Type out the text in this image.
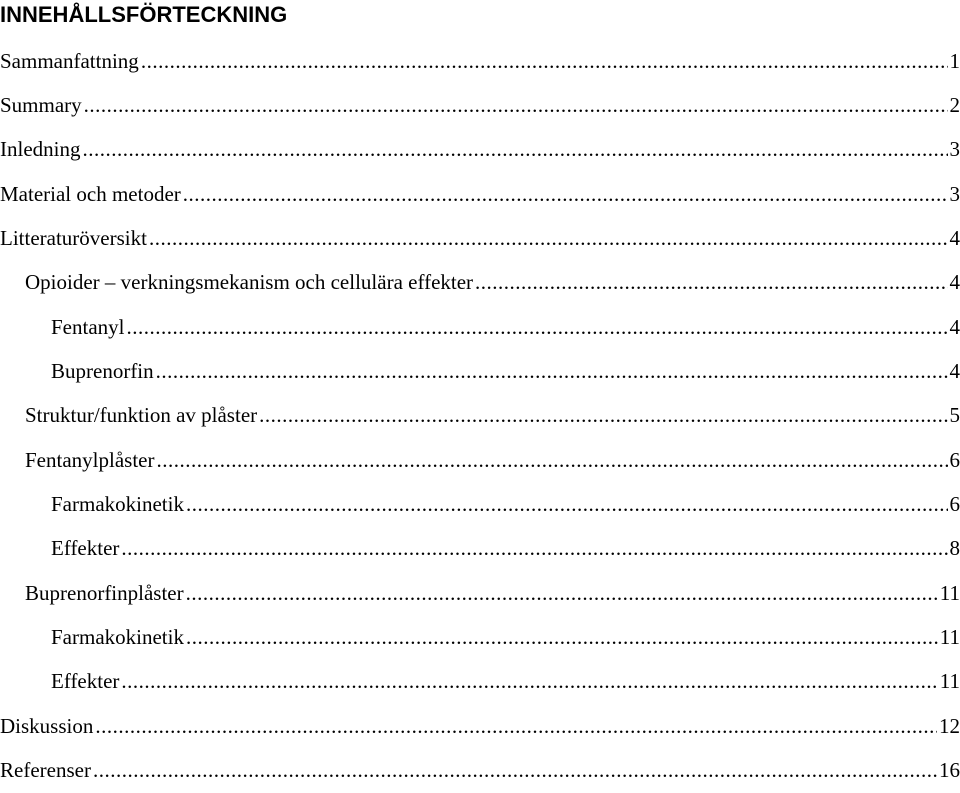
INNEHÅLLSFÖRTECKNING
Sammanfattning .....	1
Summary .....	2
Inledning .....	3
Material och metoder .....	3
Litteraturöversikt .....	4
Opioider – verkningsmekanism och cellulära effekter .....	4
Fentanyl .....	4
Buprenorfin .....	4
Struktur/funktion av plåster .....	5
Fentanylplåster .....	6
Farmakokinetik .....	6
Effekter .....	8
Buprenorfinplåster .....	11
Farmakokinetik .....	11
Effekter .....	11
Diskussion .....	12
Referenser .....	16
